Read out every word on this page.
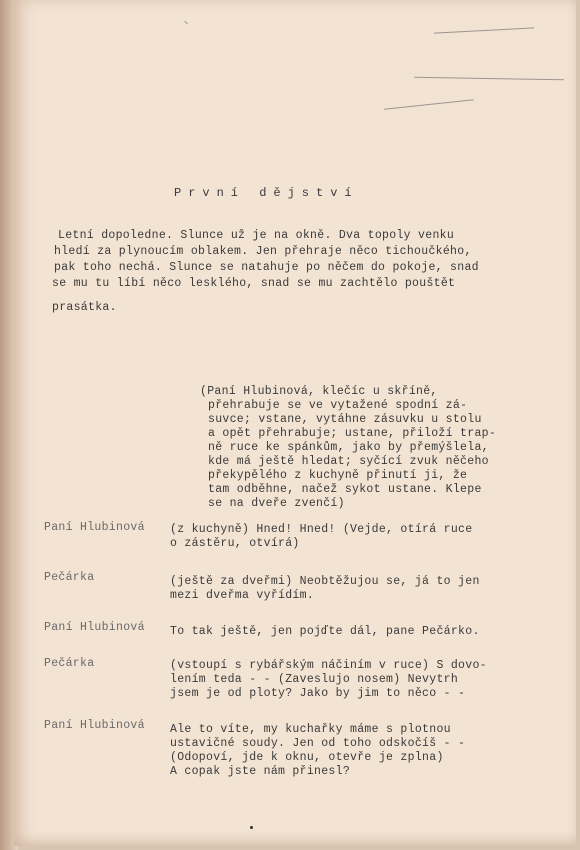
První dějství
Letní dopoledne. Slunce už je na okně. Dva topoly venku
hledí za plynoucím oblakem. Jen přehraje něco tichoučkého,
pak toho nechá. Slunce se natahuje po něčem do pokoje, snad
se mu tu líbí něco lesklého, snad se mu zachtělo pouštět
prasátka.
(Paní Hlubinová, klečíc u skříně,
přehrabuje se ve vytažené spodní zá-
suvce; vstane, vytáhne zásuvku u stolu
a opět přehrabuje; ustane, přiloží trap-
ně ruce ke spánkům, jako by přemýšlela,
kde má ještě hledat; syčící zvuk něčeho
překypělého z kuchyně přinutí ji, že
tam odběhne, načež sykot ustane. Klepe
se na dveře zvenčí)
Paní Hlubinová (z kuchyně) Hned! Hned! (Vejde, otírá ruce
o zástěru, otvírá)
Pečárka	(ještě za dveřmi) Neobtěžujou se, já to jen
mezi dveřma vyřídím.
Paní Hlubinová To tak ještě, jen pojďte dál, pane Pečárko.
Pečárka	(vstoupí s rybářským náčiním v ruce) S dovo-
lením teda - - (Zaveslujo nosem) Nevytrh
jsem je od ploty? Jako by jim to něco - -
Paní Hlubinová Ale to víte, my kuchařky máme s plotnou
ustavičné soudy. Jen od toho odskočíš - -
(Odopoví, jde k oknu, otevře je zplna)
A copak jste nám přinesl?
